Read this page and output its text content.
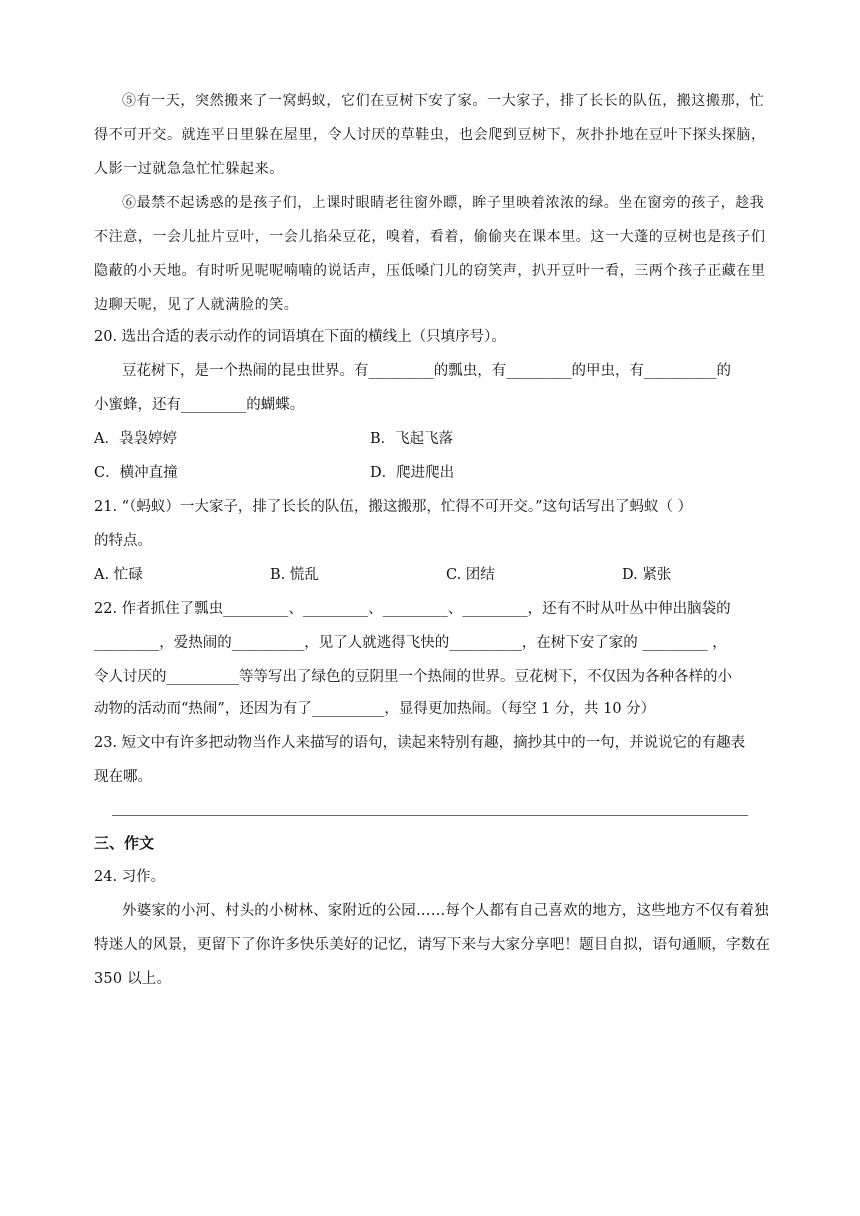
⑤有一天，突然搬来了一窝蚂蚁，它们在豆树下安了家。一大家子，排了长长的队伍，搬这搬那，忙得不可开交。就连平日里躲在屋里，令人讨厌的草鞋虫，也会爬到豆树下，灰扑扑地在豆叶下探头探脑，人影一过就急急忙忙躲起来。

⑥最禁不起诱惑的是孩子们，上课时眼睛老往窗外瞟，眸子里映着浓浓的绿。坐在窗旁的孩子，趁我不注意，一会儿扯片豆叶，一会儿掐朵豆花，嗅着，看着，偷偷夹在课本里。这一大蓬的豆树也是孩子们隐蔽的小天地。有时听见呢呢喃喃的说话声，压低嗓门儿的窃笑声，扒开豆叶一看，三两个孩子正藏在里边聊天呢，见了人就满脸的笑。

20. 选出合适的表示动作的词语填在下面的横线上（只填序号）。
豆花树下，是一个热闹的昆虫世界。有_________的瓢虫，有_________的甲虫，有__________的
小蜜蜂，还有_________的蝴蝶。
A．袅袅婷婷	B．飞起飞落
C．横冲直撞	D．爬进爬出
21. “（蚂蚁）一大家子，排了长长的队伍，搬这搬那，忙得不可开交。”这句话写出了蚂蚁（ ）
的特点。
A. 忙碌	B. 慌乱	C. 团结	D. 紧张
22. 作者抓住了瓢虫_________、_________、_________、_________，还有不时从叶丛中伸出脑袋的
_________，爱热闹的__________，见了人就逃得飞快的__________，在树下安了家的 _________ ，
令人讨厌的__________等等写出了绿色的豆阴里一个热闹的世界。豆花树下，不仅因为各种各样的小
动物的活动而“热闹”，还因为有了__________，显得更加热闹。（每空 1 分，共 10 分）
23. 短文中有许多把动物当作人来描写的语句，读起来特别有趣，摘抄其中的一句，并说说它的有趣表
现在哪。
三、作文
24. 习作。

外婆家的小河、村头的小树林、家附近的公园……每个人都有自己喜欢的地方，这些地方不仅有着独特迷人的风景，更留下了你许多快乐美好的记忆，请写下来与大家分享吧！题目自拟，语句通顺，字数在 350 以上。
